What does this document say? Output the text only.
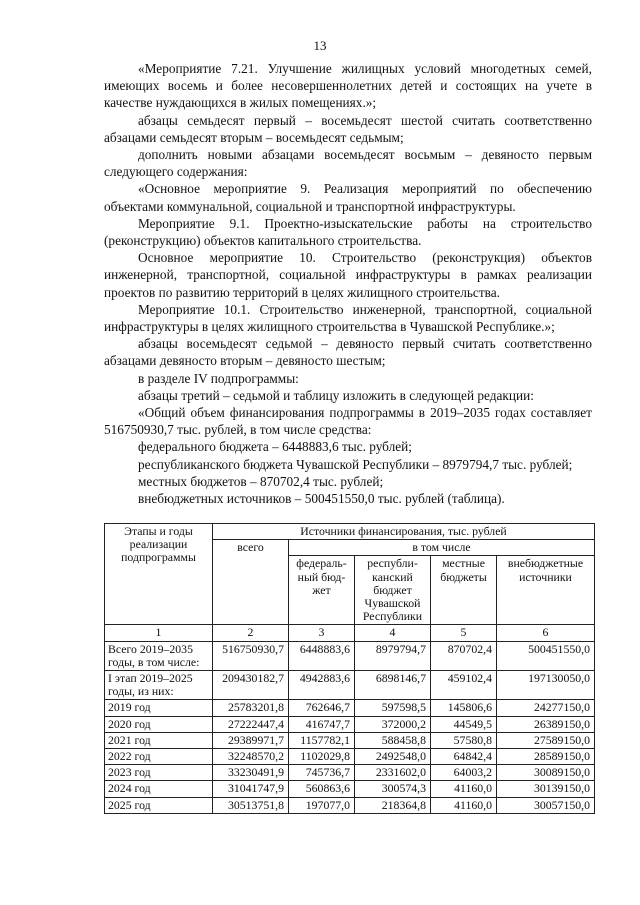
13

«Мероприятие 7.21. Улучшение жилищных условий многодетных семей, имеющих восемь и более несовершеннолетних детей и состоящих на учете в качестве нуждающихся в жилых помещениях.»;

абзацы семьдесят первый – восемьдесят шестой считать соответственно абзацами семьдесят вторым – восемьдесят седьмым;

дополнить новыми абзацами восемьдесят восьмым – девяносто первым следующего содержания:

«Основное мероприятие 9. Реализация мероприятий по обеспечению объектами коммунальной, социальной и транспортной инфраструктуры.

Мероприятие 9.1. Проектно-изыскательские работы на строительство (реконструкцию) объектов капитального строительства.

Основное мероприятие 10. Строительство (реконструкция) объектов инженерной, транспортной, социальной инфраструктуры в рамках реализации проектов по развитию территорий в целях жилищного строительства.

Мероприятие 10.1. Строительство инженерной, транспортной, социальной инфраструктуры в целях жилищного строительства в Чувашской Республике.»;

абзацы восемьдесят седьмой – девяносто первый считать соответственно абзацами девяносто вторым – девяносто шестым;

в разделе IV подпрограммы:

абзацы третий – седьмой и таблицу изложить в следующей редакции:

«Общий объем финансирования подпрограммы в 2019–2035 годах составляет 516750930,7 тыс. рублей, в том числе средства:

федерального бюджета – 6448883,6 тыс. рублей;

республиканского бюджета Чувашской Республики – 8979794,7 тыс. рублей;

местных бюджетов – 870702,4 тыс. рублей;

внебюджетных источников – 500451550,0 тыс. рублей (таблица).

Этапы и годы реализации подпрограммы	Источники финансирования, тыс. рублей				
	всего	в том числе			
		федераль-ный бюд-жет	республи-канский бюджет Чувашской Республики	местные бюджеты	внебюджетные источники
1	2	3	4	5	6
Всего 2019–2035 годы, в том числе:	516750930,7	6448883,6	8979794,7	870702,4	500451550,0
I этап 2019–2025 годы, из них:	209430182,7	4942883,6	6898146,7	459102,4	197130050,0
2019 год	25783201,8	762646,7	597598,5	145806,6	24277150,0
2020 год	27222447,4	416747,7	372000,2	44549,5	26389150,0
2021 год	29389971,7	1157782,1	588458,8	57580,8	27589150,0
2022 год	32248570,2	1102029,8	2492548,0	64842,4	28589150,0
2023 год	33230491,9	745736,7	2331602,0	64003,2	30089150,0
2024 год	31041747,9	560863,6	300574,3	41160,0	30139150,0
2025 год	30513751,8	197077,0	218364,8	41160,0	30057150,0
